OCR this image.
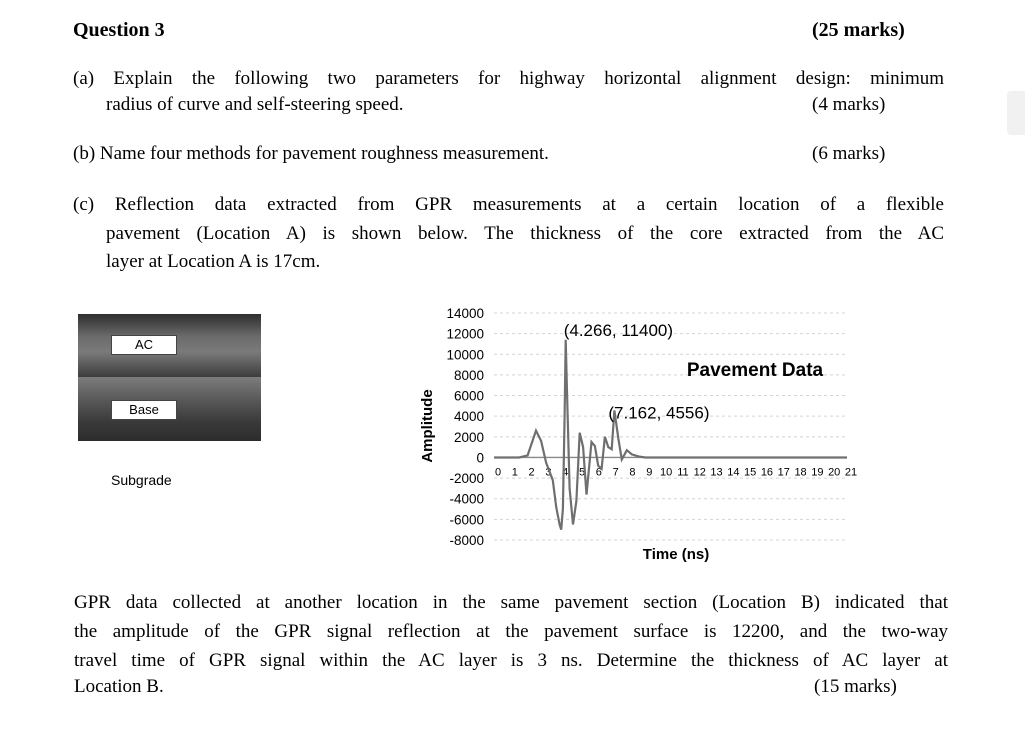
Question 3	(25 marks)
(a) Explain the following two parameters for highway horizontal alignment design: minimum
radius of curve and self-steering speed.	(4 marks)
(b) Name four methods for pavement roughness measurement.	(6 marks)
(c) Reflection data extracted from GPR measurements at a certain location of a flexible
pavement (Location A) is shown below. The thickness of the core extracted from the AC
layer at Location A is 17cm.
AC
Base
Subgrade
14000
12000
10000
8000
6000
4000
2000
0
-2000
-4000
-6000
-8000
0 1 2 3 4 5 6 7 8 9 10 11 12 13 14 15 16 17 18 19 20 21
Pavement Data
Time (ns)
Amplitude
(4.266, 11400)
(7.162, 4556)
GPR data collected at another location in the same pavement section (Location B) indicated that
the amplitude of the GPR signal reflection at the pavement surface is 12200, and the two-way
travel time of GPR signal within the AC layer is 3 ns. Determine the thickness of AC layer at
Location B.	(15 marks)
